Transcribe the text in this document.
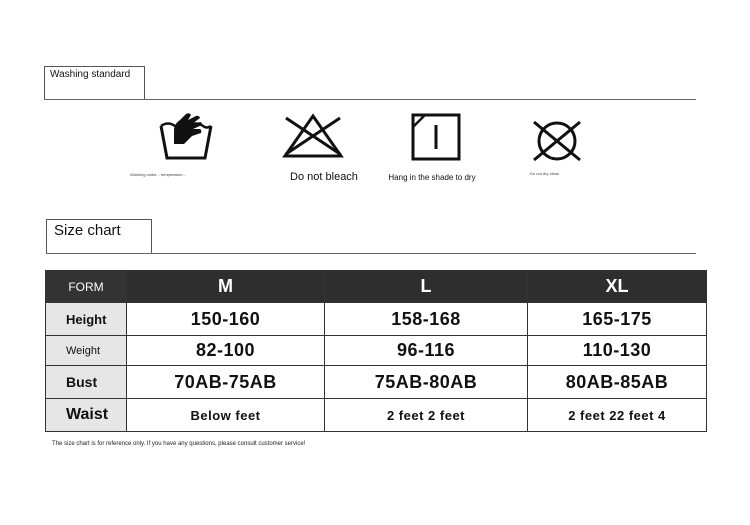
Washing standard
Washing under... temperature...	Do not bleach	Hang in the shade to dry	Do not dry clean
Size chart
FORM	M	L	XL
Height	150-160	158-168	165-175
Weight	82-100	96-116	110-130
Bust	70AB-75AB	75AB-80AB	80AB-85AB
Waist	Below feet	2 feet 2 feet	2 feet 22 feet 4
The size chart is for reference only. If you have any questions, please consult customer service!
